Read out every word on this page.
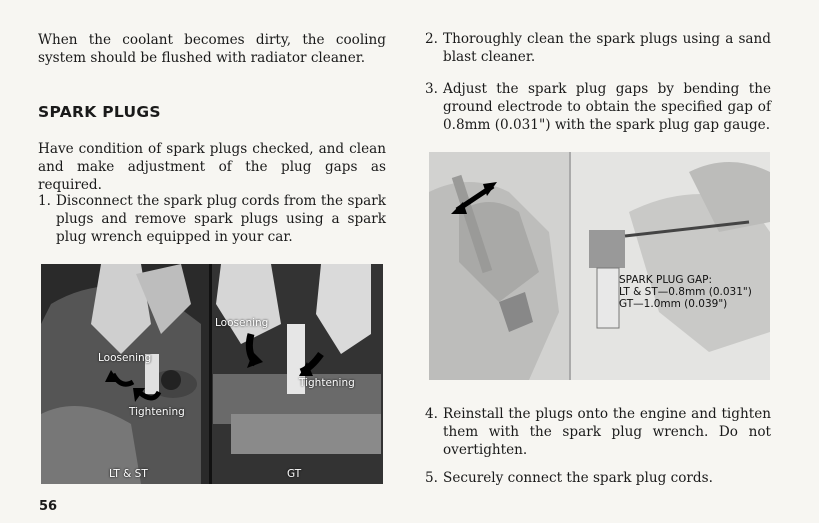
When the coolant becomes dirty, the cooling system should be flushed with radiator cleaner.

SPARK PLUGS

Have condition of spark plugs checked, and clean and make adjustment of the plug gaps as required.

1. Disconnect the spark plug cords from the spark plugs and remove spark plugs using a spark plug wrench equipped in your car.

Loosening
Tightening
LT & ST
Loosening
Tightening
GT
2. Thoroughly clean the spark plugs using a sand blast cleaner.

3. Adjust the spark plug gaps by bending the ground electrode to obtain the specified gap of 0.8mm (0.031") with the spark plug gap gauge.

SPARK PLUG GAP:
LT & ST—0.8mm (0.031")
GT—1.0mm (0.039")
4. Reinstall the plugs onto the engine and tighten them with the spark plug wrench. Do not overtighten.

5. Securely connect the spark plug cords.

56
